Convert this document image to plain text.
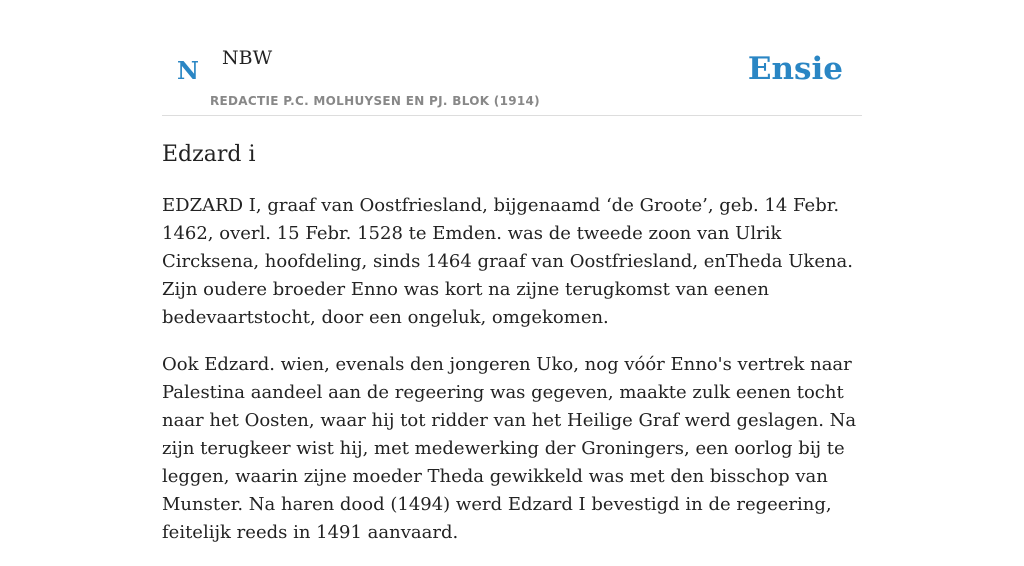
N NBW
REDACTIE P.C. MOLHUYSEN EN PJ. BLOK (1914)
Ensie
Edzard i

EDZARD I, graaf van Oostfriesland, bijgenaamd ‘de Groote’, geb. 14 Febr. 1462, overl. 15 Febr. 1528 te Emden. was de tweede zoon van Ulrik Circksena, hoofdeling, sinds 1464 graaf van Oostfriesland, enTheda Ukena. Zijn oudere broeder Enno was kort na zijne terugkomst van eenen bedevaartstocht, door een ongeluk, omgekomen.

Ook Edzard. wien, evenals den jongeren Uko, nog vóór Enno's vertrek naar Palestina aandeel aan de regeering was gegeven, maakte zulk eenen tocht naar het Oosten, waar hij tot ridder van het Heilige Graf werd geslagen. Na zijn terugkeer wist hij, met medewerking der Groningers, een oorlog bij te leggen, waarin zijne moeder Theda gewikkeld was met den bisschop van Munster. Na haren dood (1494) werd Edzard I bevestigd in de regeering, feitelijk reeds in 1491 aanvaard.
